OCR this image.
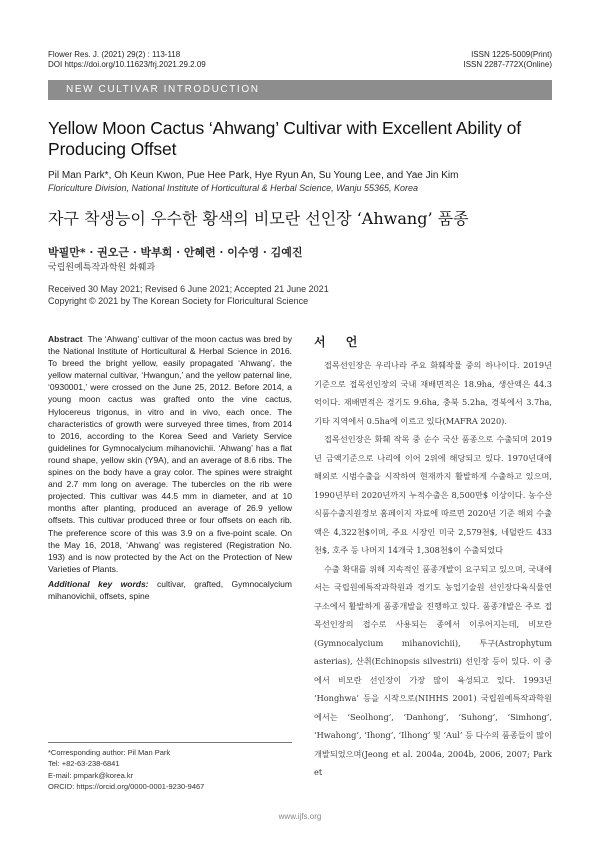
Flower Res. J. (2021) 29(2) : 113-118
DOI https://doi.org/10.11623/frj.2021.29.2.09
ISSN 1225-5009(Print)
ISSN 2287-772X(Online)
NEW CULTIVAR INTRODUCTION
Yellow Moon Cactus ‘Ahwang’ Cultivar with Excellent Ability of Producing Offset
Pil Man Park*, Oh Keun Kwon, Pue Hee Park, Hye Ryun An, Su Young Lee, and Yae Jin Kim
Floriculture Division, National Institute of Horticultural & Herbal Science, Wanju 55365, Korea
자구 착생능이 우수한 황색의 비모란 선인장 ‘Ahwang’ 품종
박필만* · 권오근 · 박부희 · 안혜련 · 이수영 · 김예진
국립원예특작과학원 화훼과
Received 30 May 2021; Revised 6 June 2021; Accepted 21 June 2021
Copyright © 2021 by The Korean Society for Floricultural Science

Abstract The ‘Ahwang’ cultivar of the moon cactus was bred by the National Institute of Horticultural & Herbal Science in 2016. To breed the bright yellow, easily propagated ‘Ahwang’, the yellow maternal cultivar, ‘Hwangun,’ and the yellow paternal line, ‘0930001,’ were crossed on the June 25, 2012. Before 2014, a young moon cactus was grafted onto the vine cactus, Hylocereus trigonus, in vitro and in vivo, each once. The characteristics of growth were surveyed three times, from 2014 to 2016, according to the Korea Seed and Variety Service guidelines for Gymnocalycium mihanovichii. ‘Ahwang’ has a flat round shape, yellow skin (Y9A), and an average of 8.6 ribs. The spines on the body have a gray color. The spines were straight and 2.7 mm long on average. The tubercles on the rib were projected. This cultivar was 44.5 mm in diameter, and at 10 months after planting, produced an average of 26.9 yellow offsets. This cultivar produced three or four offsets on each rib. The preference score of this was 3.9 on a five-point scale. On the May 16, 2018, ‘Ahwang’ was registered (Registration No. 193) and is now protected by the Act on the Protection of New Varieties of Plants.

Additional key words: cultivar, grafted, Gymnocalycium mihanovichii, offsets, spine

*Corresponding author: Pil Man Park
Tel: +82-63-238-6841
E-mail: pmpark@korea.kr
ORCID: https://orcid.org/0000-0001-9230-9467
서 언

접목선인장은 우리나라 주요 화훼작물 중의 하나이다. 2019년 기준으로 접목선인장의 국내 재배면적은 18.9ha, 생산액은 44.3억이다. 재배면적은 경기도 9.6ha, 충북 5.2ha, 경북에서 3.7ha, 기타 지역에서 0.5ha에 이르고 있다(MAFRA 2020).

접목선인장은 화훼 작목 중 순수 국산 품종으로 수출되며 2019년 금액기준으로 나리에 이어 2위에 해당되고 있다. 1970년대에 해외로 시범수출을 시작하여 현재까지 활발하게 수출하고 있으며, 1990년부터 2020년까지 누적수출은 8,500만$ 이상이다. 농수산식품수출지원정보 홈페이지 자료에 따르면 2020년 기준 해외 수출액은 4,322천$이며, 주요 시장인 미국 2,579천$, 네덜란드 433천$, 호주 등 나머지 14개국 1,308천$이 수출되었다

수출 확대를 위해 지속적인 품종개발이 요구되고 있으며, 국내에서는 국립원예특작과학원과 경기도 농업기술원 선인장다육식물연구소에서 활발하게 품종개발을 진행하고 있다. 품종개발은 주로 접목선인장의 접수로 사용되는 종에서 이루어지는데, 비모란(Gymnocalycium mihanovichii), 투구(Astrophytum asterias), 산취(Echinopsis silvestrii) 선인장 등이 있다. 이 중에서 비모란 선인장이 가장 많이 육성되고 있다. 1993년 ‘Honghwa’ 등을 시작으로(NIHHS 2001) 국립원예특작과학원에서는 ‘Seolhong’, ‘Danhong’, ‘Suhong’, ‘Simhong’, ‘Hwahong’, ‘Ihong’, ‘Ilhong’ 및 ‘Aul’ 등 다수의 품종들이 많이 개발되었으며(Jeong et al. 2004a, 2004b, 2006, 2007; Park et

www.ijfs.org
